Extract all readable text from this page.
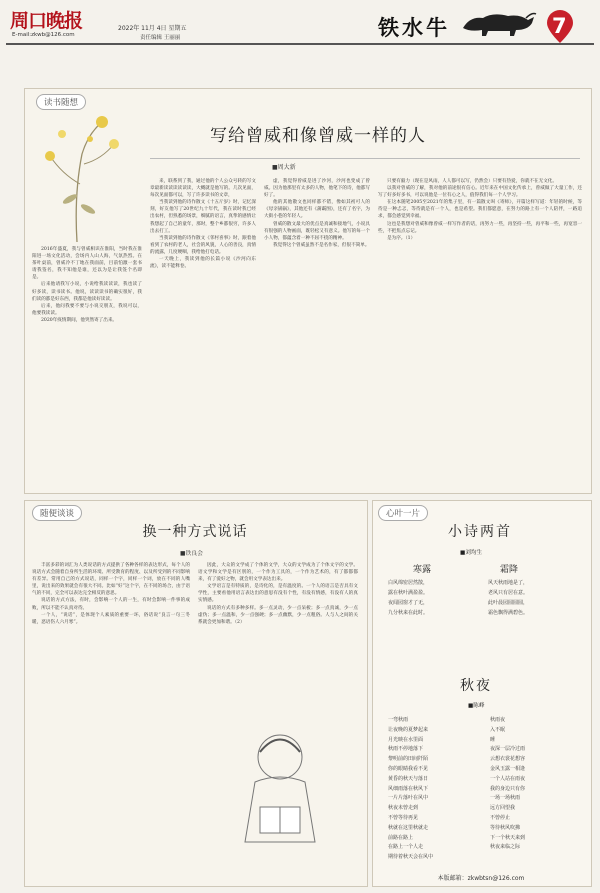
周口晚报
E-mail:zkwb@126.com
2022年 11月 4日 星期五
责任编辑 王丽丽	铁水牛	7
读书随想
写给曾威和像曾威一样的人
■周大新

2016年盛夏，我与曾威相识在淮阳，当时我在淮阳进一场文化活动，会场内人山人海，气氛热烈。在茶叶桌前，曾威冷不丁地在我面前，目前怕激一套书请我签名，我不知他是谁，还以为是让我签个名即是。

后来他请我写小说，小说给我读读读，我也读了好多读，读书读书。他说，读读读书的确实很好，我们读的都是好东西，我都是他读好读读。

后来，他问我要不要与小说交朋友，我说可以，他要我读读。

2020年疫情期间，他突然寄了出来。

来，联系到了我，通过他的个人公众号转的写文章最新读读读读读读，大概就是他写的。几次见面，每次见面都可以，写了许多读书的文章，

当我读到他的诗作散文《十五斤岁》时，记忆深刻，好友他写了20世纪九十年代，我在读时我已经出农村，但熟悉的场景，细腻的语言，真挚的感情让我想起了自己的童年，那时，整个乡都很穷，许多人出去打工。

当我读到他的诗作散文《邻村喜事》时，跟着他看到了农村的老人，社会的风貌，人心的善良，真情的流露，几度哽咽，我给他打电话。

一天晚上，我读到他的长篇小说《沙河向东流》，读不能释卷。

虚，我觉得曾威是进了沙河，沙河也变成了曾威。因为他那里有太多的人物，他笔下的诗，他都写好了。

他的其他散文也同样都不错，像如其初可人的《母亲锅锅》，其他还有《蒲霸图》，还有了名字，为大街小巷的年轻人。

曾威的散文最大的优点是真诚和接地气，小说具有很强的人物画面，既轻松又有意义。他写的每一个小人物，都蕴含着一种不屈不挠的精神。

我觉得这个曾威虽然不是名作家，但很不简单。

只要有毅力（现在是风雨，人人都可以写，仍然会）只要有热爱，你就不在无文化。

以我对曾威的了解，我对他的前途很有信心。近年来在中国文化传承上，曾威做了大量工作，还写了好多好多书，可以说他是一位有心之人，值得我们每一个人学习。

在这本随笔2005至2021年的集子里，有一篇散文叫《寄师》，开篇这样写道：年轻的时候，等待是一种忐忑，等待就是有一个人，也是希望。我们都愿意，在努力的路上有一个人陪伴，一路追求，都会感觉到幸福。

这也是我想对曾威和像曾威一样写作者的话，再努力一些，再坚持一些，再平和一些，再宽容一些，不把焦点忘记。

是为序。（1）

随便谈谈
换一种方式说话
■铁良会

丰富多彩的词汇为人类说话的方式提供了各种各样的表达形式，每个人的说话方式会随着自身所生活的环境、所受教育的程度、以及所受到的不同影响有差异。常用自己的方式说话，同样一个字，同样一个词，放在不同的人嘴里，说出来的效果就会有很大不同。比如“好”这个字，在不同的场合，由于语气的不同，完全可以表达完全相反的意思。

说话的方式方法，有时，会影响一个人的一生，有时会影响一件事的成败，所以不能不认真对待。

一个人，“说话”，是体现个人素质的重要一环，俗话说“良言一句三冬暖，恶语伤人六月寒”。

因此，大众的文学成了个体的文学，大众的文学成为了个体文字的文学。语文学和文学是有区别的，一个作为工具的，一个作为艺术的，有了都都都来，有了爱好之物，就会用文学表达出来。

文学语言是有特质的，是诗化的，是有温度的。一个人的语言是否具有文学性，主要看他用语言表达出的意思有没有个性，有没有情感，有没有人的真实情感。

说话的方式有多种多样。多一点灵动，少一点呆板；多一点真诚，少一点虚伪；多一点温和，少一点强硬；多一点幽默，少一点粗俗。人与人之间的关系就会更加和谐。（2）

心叶一片
小诗两首
■刘均生
寒露	霜降
白风绵密居然散，
露在秋叶满盈盈。
夜闻园窗才了无，
九分秋来在此时。
风天秋雨地是了，
老风只有居在意。
此叶晨园圆圆圆，
霜色飘得满碧色。
秋夜
■陈峰
一弯秋雨
让夜晚的夏梦起来
月光映在水里面
秋雨不停地落下
黎明前的田间阡陌
你的眼睛我看不见
黄昏的秋天与落日
风细雨落在秋风下
一片片落叶在风中
秋夜未曾走到
不曾等待再见
秋就在这里秋就走
前路在路上
在路上一个人走
期待着秋天会在风中
秋雨夜
入不眠
睡
夜深一层冷过雨
云想衣裳花想容
金风玉露一相逢
一个人站在雨夜
我的身边只有你
一场一场秋雨
远方回望我
不曾停止
等待秋风吹拂
下一个秋天来到
秋夜来临之际
本版邮箱：zkwbtsn@126.com
